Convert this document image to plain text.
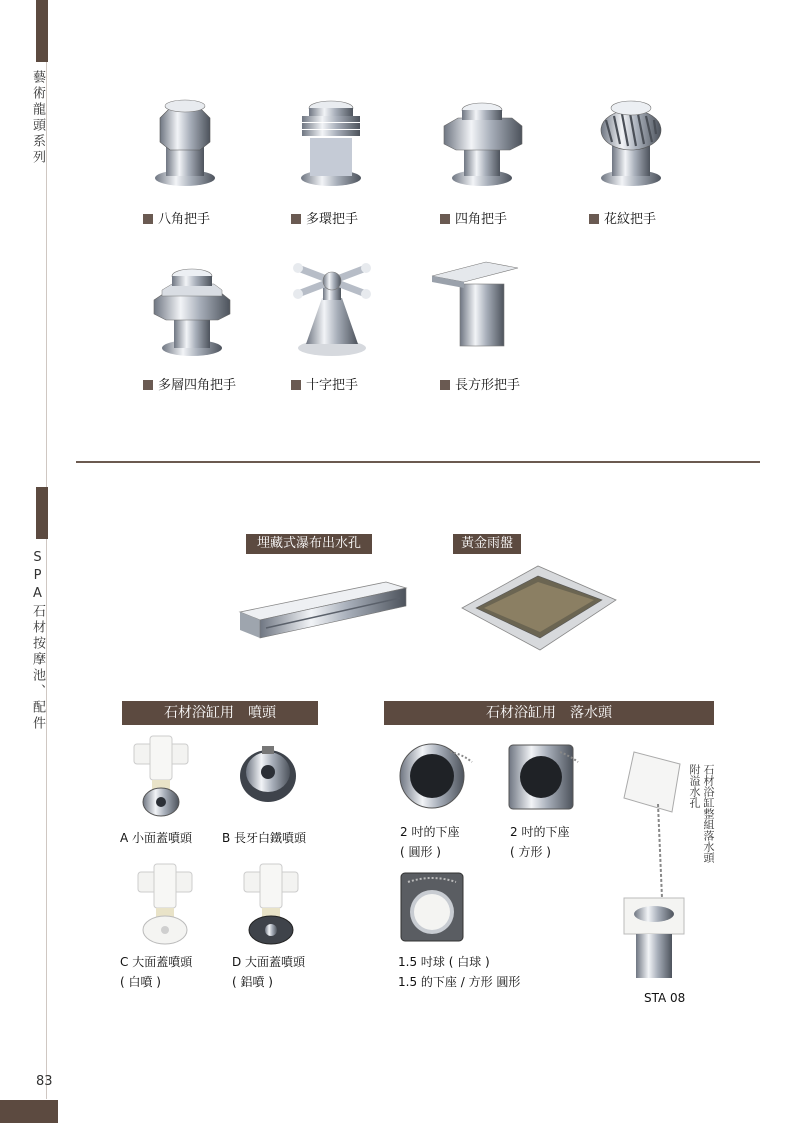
藝術龍頭系列
SPA石材按摩池、配件
八角把手	多環把手	四角把手	花紋把手
多層四角把手	十字把手	長方形把手
埋藏式瀑布出水孔	黃金雨盤
石材浴缸用　噴頭	石材浴缸用　落水頭
A 小面蓋噴頭 B 長牙白鐵噴頭
C 大面蓋噴頭
( 白噴 )
D 大面蓋噴頭
( 鋁噴 )
2 吋的下座
( 圓形 )
2 吋的下座
( 方形 )
1.5 吋球 ( 白球 )
1.5 的下座 / 方形 圓形
石材浴缸整組落水頭
附溢水孔
STA 08
83
